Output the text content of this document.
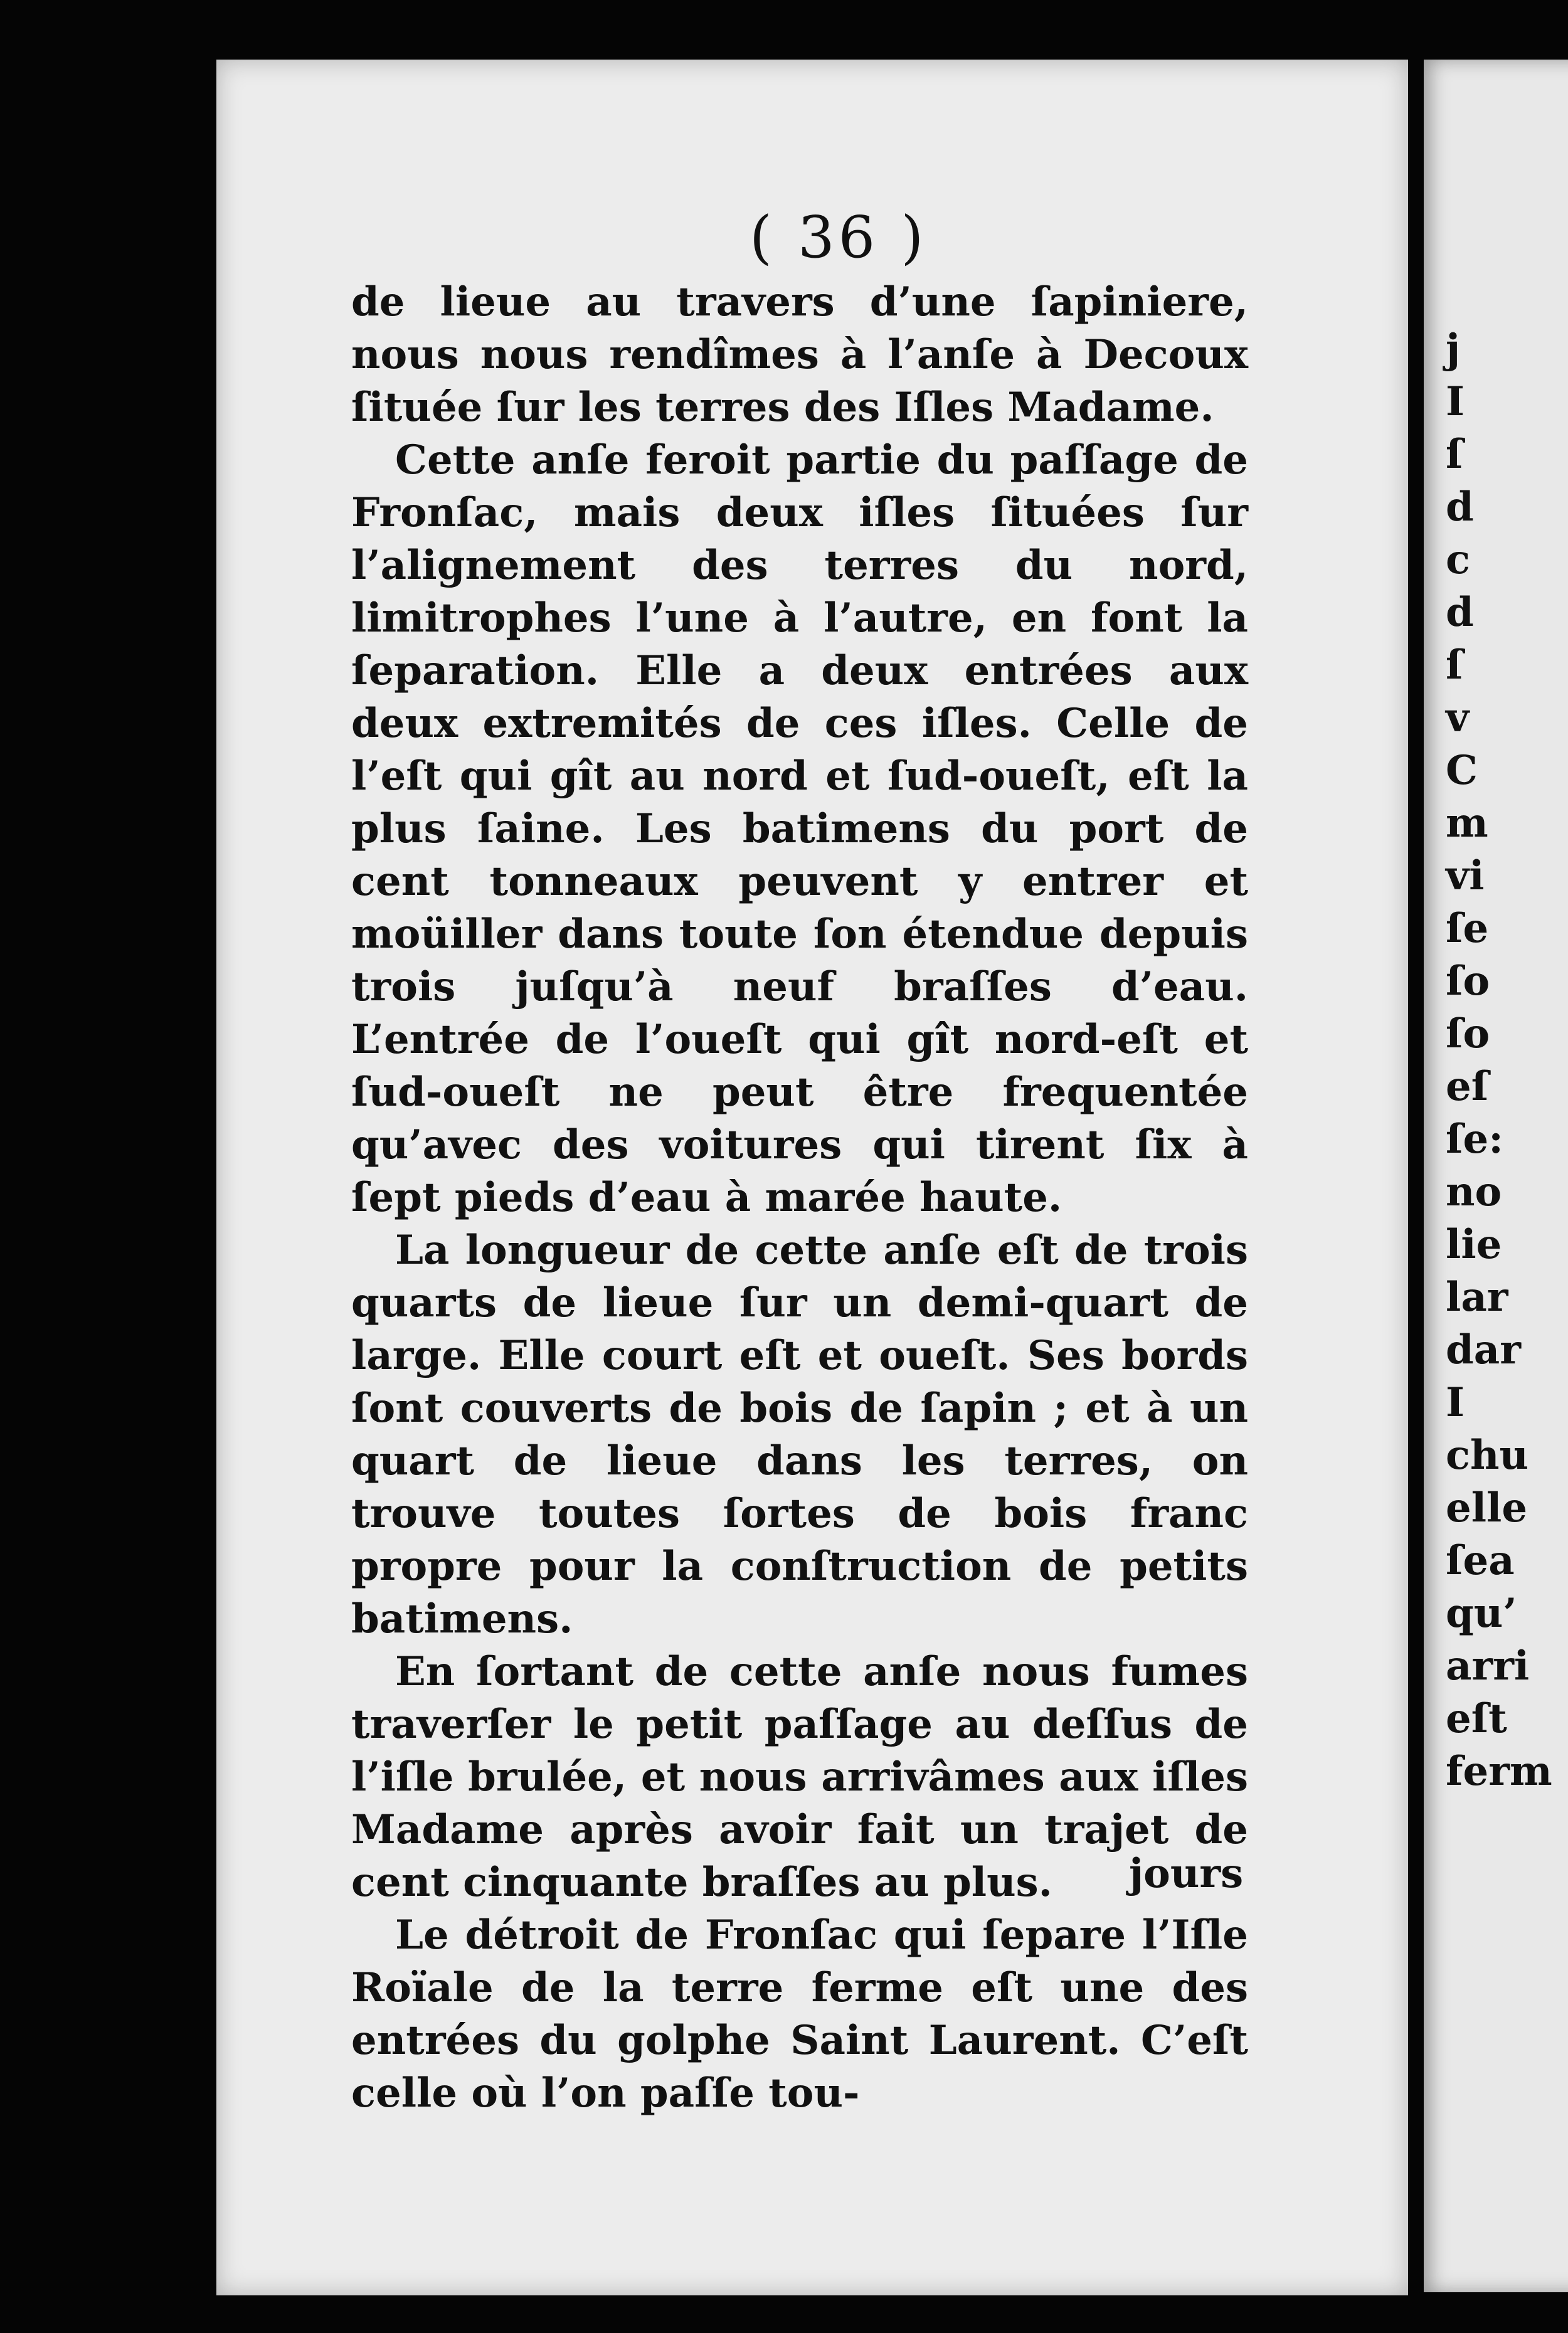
( 36 )

de lieue au travers d’une ſapiniere, nous nous rendîmes à l’anſe à Decoux ſituée ſur les terres des Iſles Madame.

Cette anſe feroit partie du paſſage de Fronſac, mais deux iſles ſituées ſur l’alignement des terres du nord, limitrophes l’une à l’autre, en font la ſeparation. Elle a deux entrées aux deux extremités de ces iſles. Celle de l’eſt qui gît au nord et ſud-oueſt, eſt la plus ſaine. Les batimens du port de cent tonneaux peuvent y entrer et moüiller dans toute ſon étendue depuis trois juſqu’à neuf braſſes d’eau. L’entrée de l’oueſt qui gît nord-eſt et ſud-oueſt ne peut être frequentée qu’avec des voitures qui tirent ſix à ſept pieds d’eau à marée haute.

La longueur de cette anſe eſt de trois quarts de lieue ſur un demi-quart de large. Elle court eſt et oueſt. Ses bords ſont couverts de bois de ſapin ; et à un quart de lieue dans les terres, on trouve toutes ſortes de bois franc propre pour la conſtruction de petits batimens.

En ſortant de cette anſe nous fumes traverſer le petit paſſage au deſſus de l’iſle brulée, et nous arrivâmes aux iſles Madame après avoir fait un trajet de cent cinquante braſſes au plus.

Le détroit de Fronſac qui ſepare l’Iſle Roïale de la terre ferme eſt une des entrées du golphe Saint Laurent. C’eſt celle où l’on paſſe tou-

jours
j
I
ſ
d
c
d
ſ
v
C
m
vi
ſe
ſo
ſo
eſ
ſe:
no
lie
lar
dar
I
chu
elle
ſea
qu’
arri
eſt
ferm
